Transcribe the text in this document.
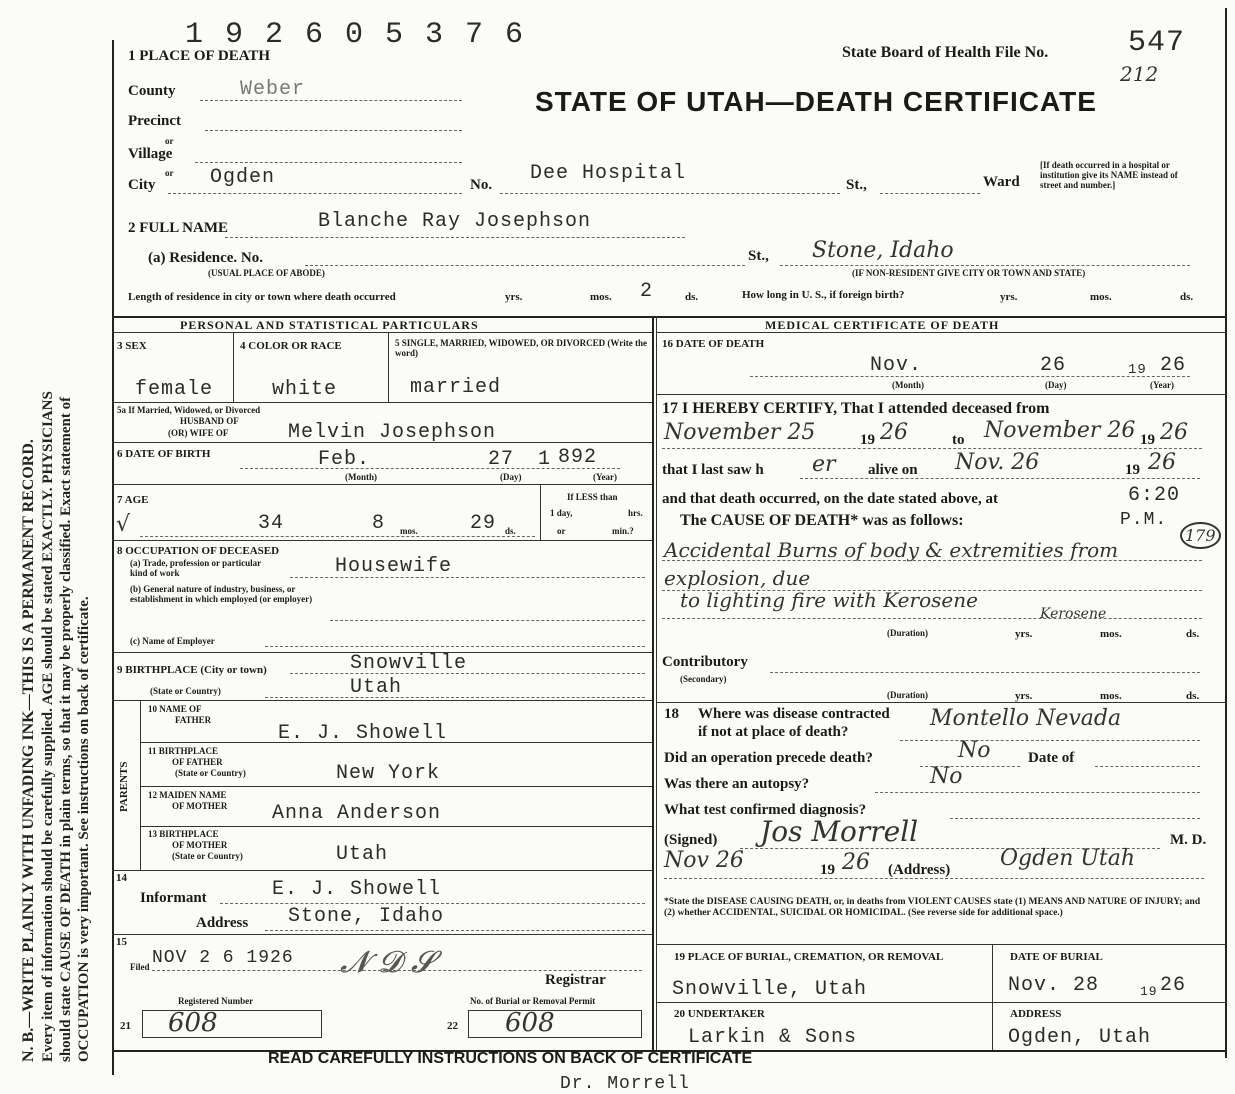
N. B.—WRITE PLAINLY WITH UNFADING INK—THIS IS A PERMANENT RECORD. Every item of information should be carefully supplied. AGE should be stated EXACTLY. PHYSICIANS should state CAUSE OF DEATH in plain terms, so that it may be properly classified. Exact statement of OCCUPATION is very important. See instructions on back of certificate.
1 9 2 6 0 5 3 7 6
State Board of Health File No.	547
212
STATE OF UTAH—DEATH CERTIFICATE
1 PLACE OF DEATH
County	Weber
Precinct
or
Village
or
City	Ogden	No. Dee Hospital	St.,	Ward
[If death occurred in a hospital or institution give its NAME instead of street and number.]
2 FULL NAME	Blanche Ray Josephson
(a) Residence. No.
(USUAL PLACE OF ABODE)
St., Stone, Idaho
(IF NON-RESIDENT GIVE CITY OR TOWN AND STATE)
Length of residence in city or town where death occurred	yrs.	mos. 2	ds.	How long in U. S., if foreign birth?	yrs.	mos.	ds.
PERSONAL AND STATISTICAL PARTICULARS	MEDICAL CERTIFICATE OF DEATH
3 SEX
female
4 COLOR OR RACE
white
5 SINGLE, MARRIED, WIDOWED, OR DIVORCED (Write the word)
married
5a If Married, Widowed, or Divorced
HUSBAND OF
(OR) WIFE OF	Melvin Josephson
6 DATE OF BIRTH	Feb.	27 1 892
(Month)	(Day)	(Year)
7 AGE
√	34	8 mos.	29 ds.
If LESS than
1 day,	hrs.
or	min.?
8 OCCUPATION OF DECEASED
(a) Trade, profession or particular kind of work	Housewife
(b) General nature of industry, business, or establishment in which employed (or employer)
(c) Name of Employer
9 BIRTHPLACE (City or town)	Snowville
(State or Country)	Utah
PARENTS
10 NAME OF
FATHER
E. J. Showell
11 BIRTHPLACE
OF FATHER
(State or Country)	New York
12 MAIDEN NAME
OF MOTHER Anna Anderson
13 BIRTHPLACE
OF MOTHER
(State or Country)	Utah
14
Informant	E. J. Showell
Address Stone, Idaho
15
Filed NOV 2 6 1926 𝓝 𝓓 𝓢	Registrar
Registered Number	No. of Burial or Removal Permit
21 608	22 608
16 DATE OF DEATH
Nov.	26	19 26
(Month)	(Day)	(Year)
17 I HEREBY CERTIFY, That I attended deceased from
November 25	19 26	to November 26 19 26
that I last saw h er alive on Nov. 26	19 26
and that death occurred, on the date stated above, at	6:20
The CAUSE OF DEATH* was as follows:	P.M.
179
Accidental Burns of body & extremities from explosion, due
to lighting fire with Kerosene
Kerosene
(Duration)	yrs.	mos.	ds.
Contributory
(Secondary)
(Duration)	yrs.	mos.	ds.
18 Where was disease contracted
if not at place of death?
Montello Nevada
Did an operation precede death?	No	Date of
Was there an autopsy?	No
What test confirmed diagnosis?
(Signed) Jos Morrell	M. D.
Nov 26	19 26 (Address) Ogden Utah
*State the DISEASE CAUSING DEATH, or, in deaths from VIOLENT CAUSES state (1) MEANS AND NATURE OF INJURY; and (2) whether ACCIDENTAL, SUICIDAL OR HOMICIDAL. (See reverse side for additional space.)
19 PLACE OF BURIAL, CREMATION, OR REMOVAL
Snowville, Utah
DATE OF BURIAL
Nov. 28	19 26
20 UNDERTAKER
Larkin & Sons
ADDRESS
Ogden, Utah
READ CAREFULLY INSTRUCTIONS ON BACK OF CERTIFICATE
Dr. Morrell
